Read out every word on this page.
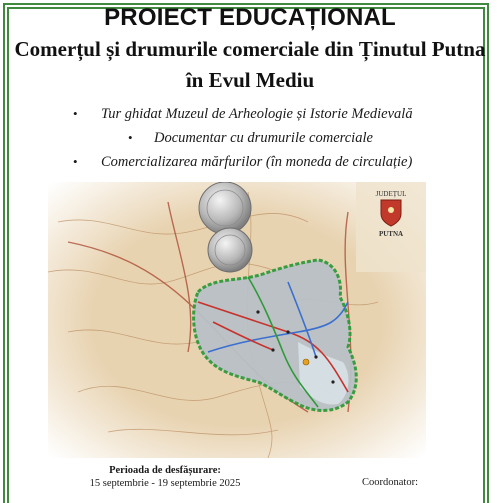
PROIECT EDUCAȚIONAL
Comerțul și drumurile comerciale din Ținutul Putna
în Evul Mediu
• Tur ghidat Muzeul de Arheologie și Istorie Medievală
• Documentar cu drumurile comerciale
• Comercializarea mărfurilor (în moneda de circulație)
JUDEȚUL
PUTNA
Perioada de desfășurare:
15 septembrie - 19 septembrie 2025	Coordonator:
